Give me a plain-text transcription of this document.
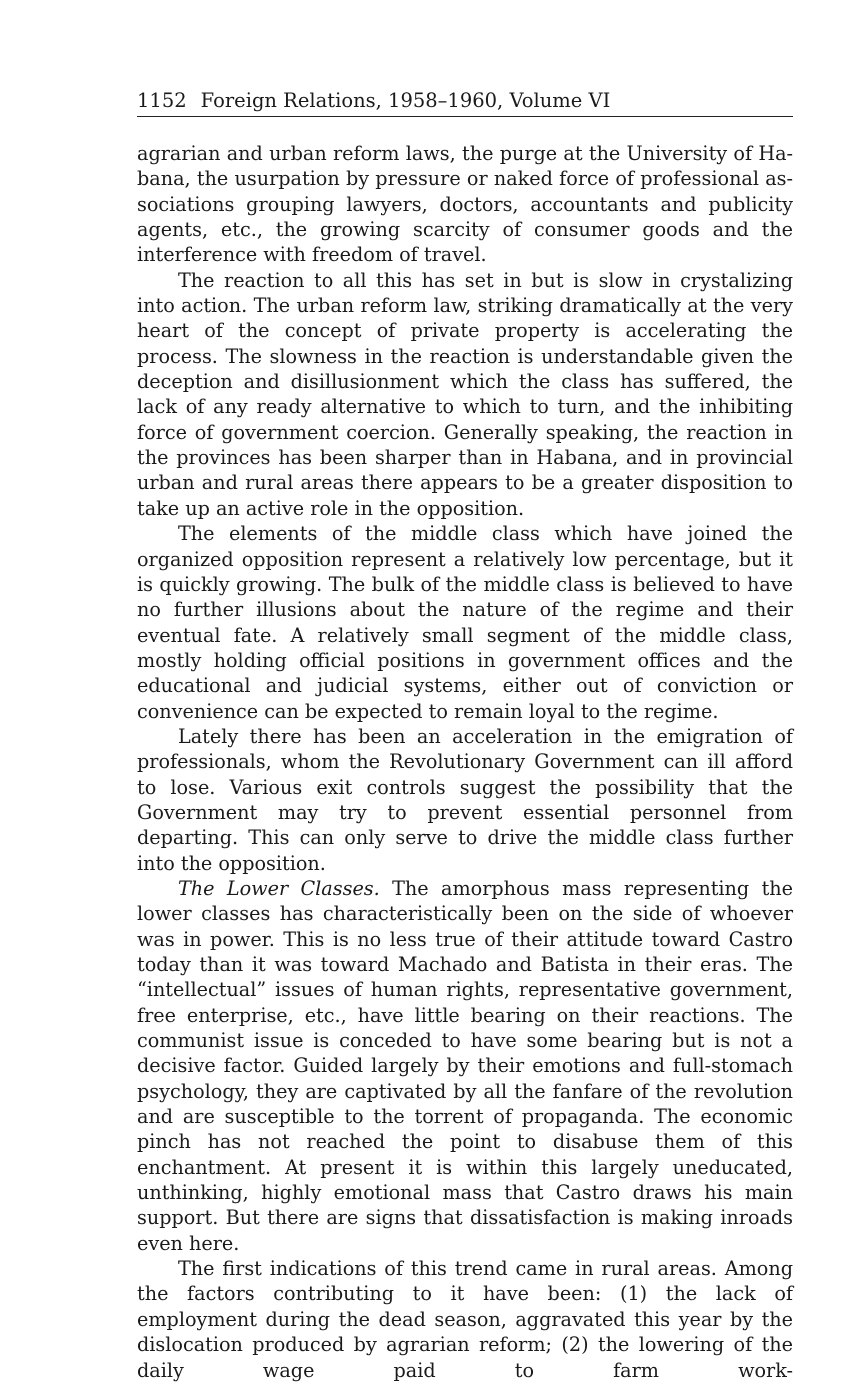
1152 Foreign Relations, 1958–1960, Volume VI

agrarian and urban reform laws, the purge at the University of Habana, the usurpation by pressure or naked force of professional associations grouping lawyers, doctors, accountants and publicity agents, etc., the growing scarcity of consumer goods and the interference with freedom of travel.

The reaction to all this has set in but is slow in crystalizing into action. The urban reform law, striking dramatically at the very heart of the concept of private property is accelerating the process. The slowness in the reaction is understandable given the deception and disillusionment which the class has suffered, the lack of any ready alternative to which to turn, and the inhibiting force of government coercion. Generally speaking, the reaction in the provinces has been sharper than in Habana, and in provincial urban and rural areas there appears to be a greater disposition to take up an active role in the opposition.

The elements of the middle class which have joined the organized opposition represent a relatively low percentage, but it is quickly growing. The bulk of the middle class is believed to have no further illusions about the nature of the regime and their eventual fate. A relatively small segment of the middle class, mostly holding official positions in government offices and the educational and judicial systems, either out of conviction or convenience can be expected to remain loyal to the regime.

Lately there has been an acceleration in the emigration of professionals, whom the Revolutionary Government can ill afford to lose. Various exit controls suggest the possibility that the Government may try to prevent essential personnel from departing. This can only serve to drive the middle class further into the opposition.

The Lower Classes. The amorphous mass representing the lower classes has characteristically been on the side of whoever was in power. This is no less true of their attitude toward Castro today than it was toward Machado and Batista in their eras. The “intellectual” issues of human rights, representative government, free enterprise, etc., have little bearing on their reactions. The communist issue is conceded to have some bearing but is not a decisive factor. Guided largely by their emotions and full-stomach psychology, they are captivated by all the fanfare of the revolution and are susceptible to the torrent of propaganda. The economic pinch has not reached the point to disabuse them of this enchantment. At present it is within this largely uneducated, unthinking, highly emotional mass that Castro draws his main support. But there are signs that dissatisfaction is making inroads even here.

The first indications of this trend came in rural areas. Among the factors contributing to it have been: (1) the lack of employment during the dead season, aggravated this year by the dislocation produced by agrarian reform; (2) the lowering of the daily wage paid to farm work-
